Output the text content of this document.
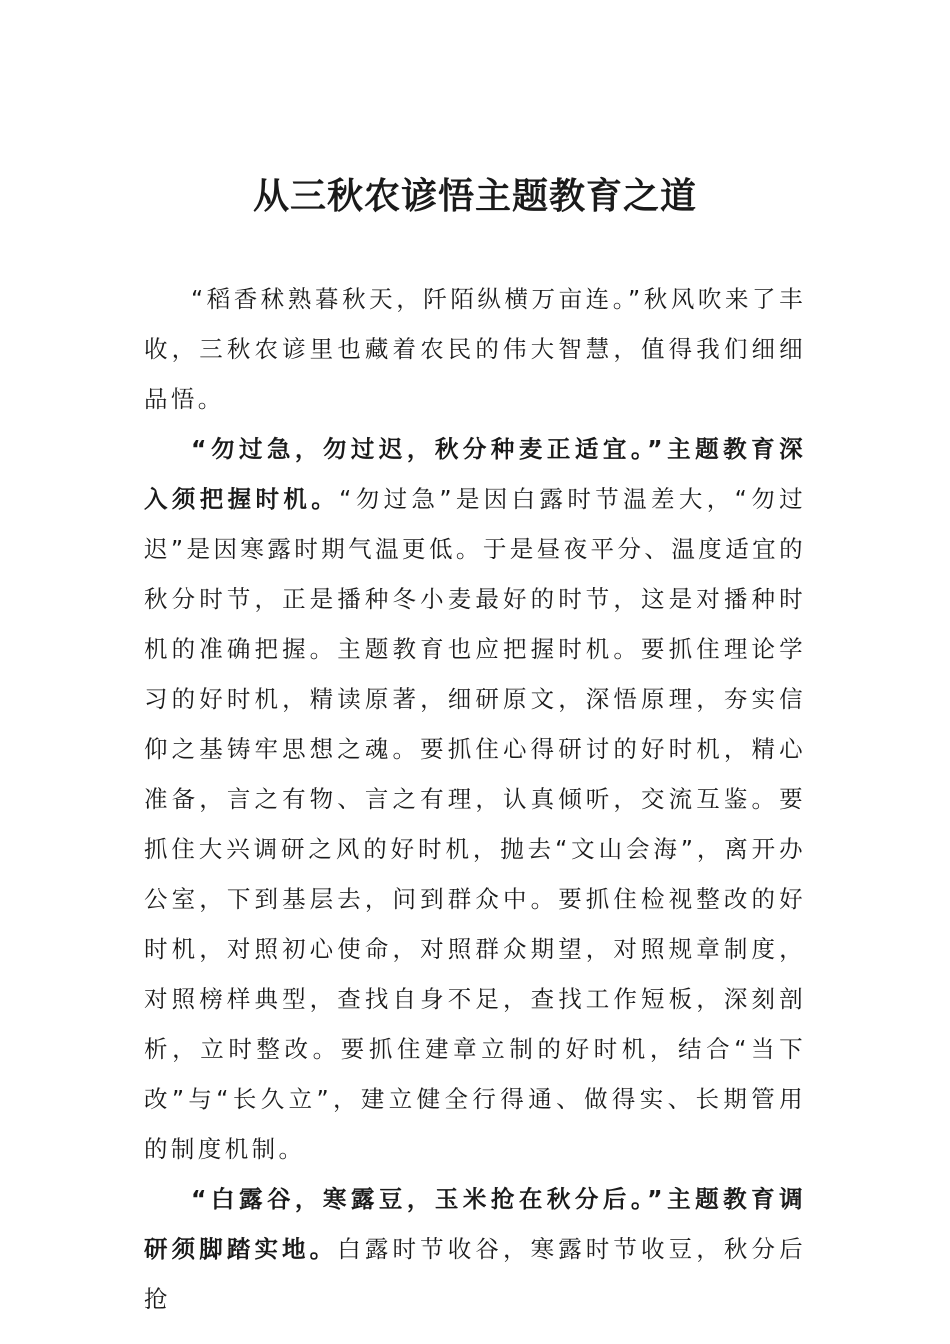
从三秋农谚悟主题教育之道

“稻香秫熟暮秋天，阡陌纵横万亩连。”秋风吹来了丰收，三秋农谚里也藏着农民的伟大智慧，值得我们细细品悟。

“勿过急，勿过迟，秋分种麦正适宜。”主题教育深入须把握时机。“勿过急”是因白露时节温差大，“勿过迟”是因寒露时期气温更低。于是昼夜平分、温度适宜的秋分时节，正是播种冬小麦最好的时节，这是对播种时机的准确把握。主题教育也应把握时机。要抓住理论学习的好时机，精读原著，细研原文，深悟原理，夯实信仰之基铸牢思想之魂。要抓住心得研讨的好时机，精心准备，言之有物、言之有理，认真倾听，交流互鉴。要抓住大兴调研之风的好时机，抛去“文山会海”，离开办公室，下到基层去，问到群众中。要抓住检视整改的好时机，对照初心使命，对照群众期望，对照规章制度，对照榜样典型，查找自身不足，查找工作短板，深刻剖析，立时整改。要抓住建章立制的好时机，结合“当下改”与“长久立”，建立健全行得通、做得实、长期管用的制度机制。

“白露谷，寒露豆，玉米抢在秋分后。”主题教育调研须脚踏实地。白露时节收谷，寒露时节收豆，秋分后抢
